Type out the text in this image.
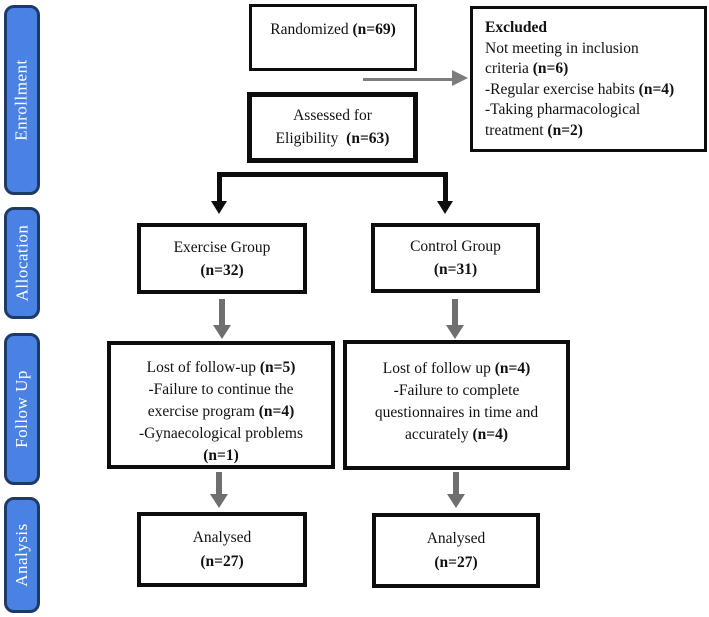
Enrollment
Allocation
Follow Up
Analysis
Randomized (n=69)	Excluded
Not meeting in inclusion
criteria (n=6)
-Regular exercise habits (n=4)
-Taking pharmacological
treatment (n=2)
Assessed for
Eligibility  (n=63)
Exercise Group
(n=32)
Control Group
(n=31)
Lost of follow-up (n=5)
-Failure to continue the
exercise program (n=4)
-Gynaecological problems
(n=1)
Lost of follow up (n=4)
-Failure to complete
questionnaires in time and
accurately (n=4)
Analysed
(n=27)
Analysed
(n=27)
